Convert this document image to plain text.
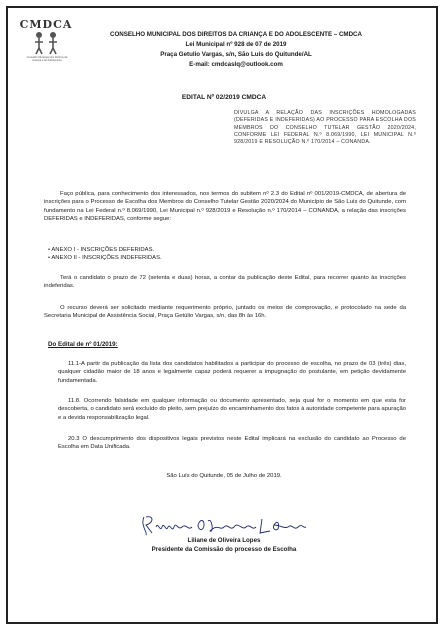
CMDCA
Conselho Municipal dos Direitos da Criança e do Adolescente
CONSELHO MUNICIPAL DOS DIREITOS DA CRIANÇA E DO ADOLESCENTE – CMDCA
Lei Municipal nº 928 de 07 de 2019
Praça Getulio Vargas, s/n, São Luís do Quitunde/AL
E-mail: cmdcaslq@outlook.com
EDITAL Nº 02/2019 CMDCA
DIVULGA A RELAÇÃO DAS INSCRIÇÕES HOMOLOGADAS (DEFERIDAS E INDEFERIDAS) AO PROCESSO PARA ESCOLHA DOS MEMBROS DO CONSELHO TUTELAR GESTÃO 2020/2024, CONFORME LEI FEDERAL N.º 8.069/1990, LEI MUNICIPAL N.º 928/2019 E RESOLUÇÃO N.º 170/2014 – CONANDA.
Faço pública, para conhecimento dos interessados, nos termos do subitem nº 2.3 do Edital nº 001/2019-CMDCA, de abertura de inscrições para o Processo de Escolha dos Membros do Conselho Tutelar Gestão 2020/2024 do Município de São Luís do Quitunde, com fundamento na Lei Federal n.º 8.069/1990, Lei Municipal n.º 928/2019 e Resolução n.º 170/2014 – CONANDA, a relação das inscrições DEFERIDAS e INDEFERIDAS, conforme segue:
• ANEXO I - INSCRIÇÕES DEFERIDAS.
• ANEXO II - INSCRIÇÕES INDEFERIDAS.
Terá o candidato o prazo de 72 (setenta e duas) horas, a contar da publicação deste Edital, para recorrer quanto às inscrições indeferidas.
O recurso deverá ser solicitado mediante requerimento próprio, juntado os meios de comprovação, e protocolado na sede da Secretaria Municipal de Assistência Social, Praça Getúlio Vargas, s/n, das 8h às 16h.
Do Edital de nº 01/2019:
11.1-A partir da publicação da lista dos candidatos habilitados a participar do processo de escolha, no prazo de 03 (três) dias, qualquer cidadão maior de 18 anos e legalmente capaz poderá requerer a impugnação do postulante, em petição devidamente fundamentada.
11.8. Ocorrendo falsidade em qualquer informação ou documento apresentado, seja qual for o momento em que esta for descoberta, o candidato será excluído do pleito, sem prejuízo do encaminhamento dos fatos à autoridade competente para apuração e a devida responsabilização legal.
20.3 O descumprimento dos dispositivos legais previstos neste Edital implicará na exclusão do candidato ao Processo de Escolha em Data Unificada.
São Luís do Quitunde, 05 de Julho de 2019.
Liliane de Oliveira Lopes
Presidente da Comissão do processo de Escolha
